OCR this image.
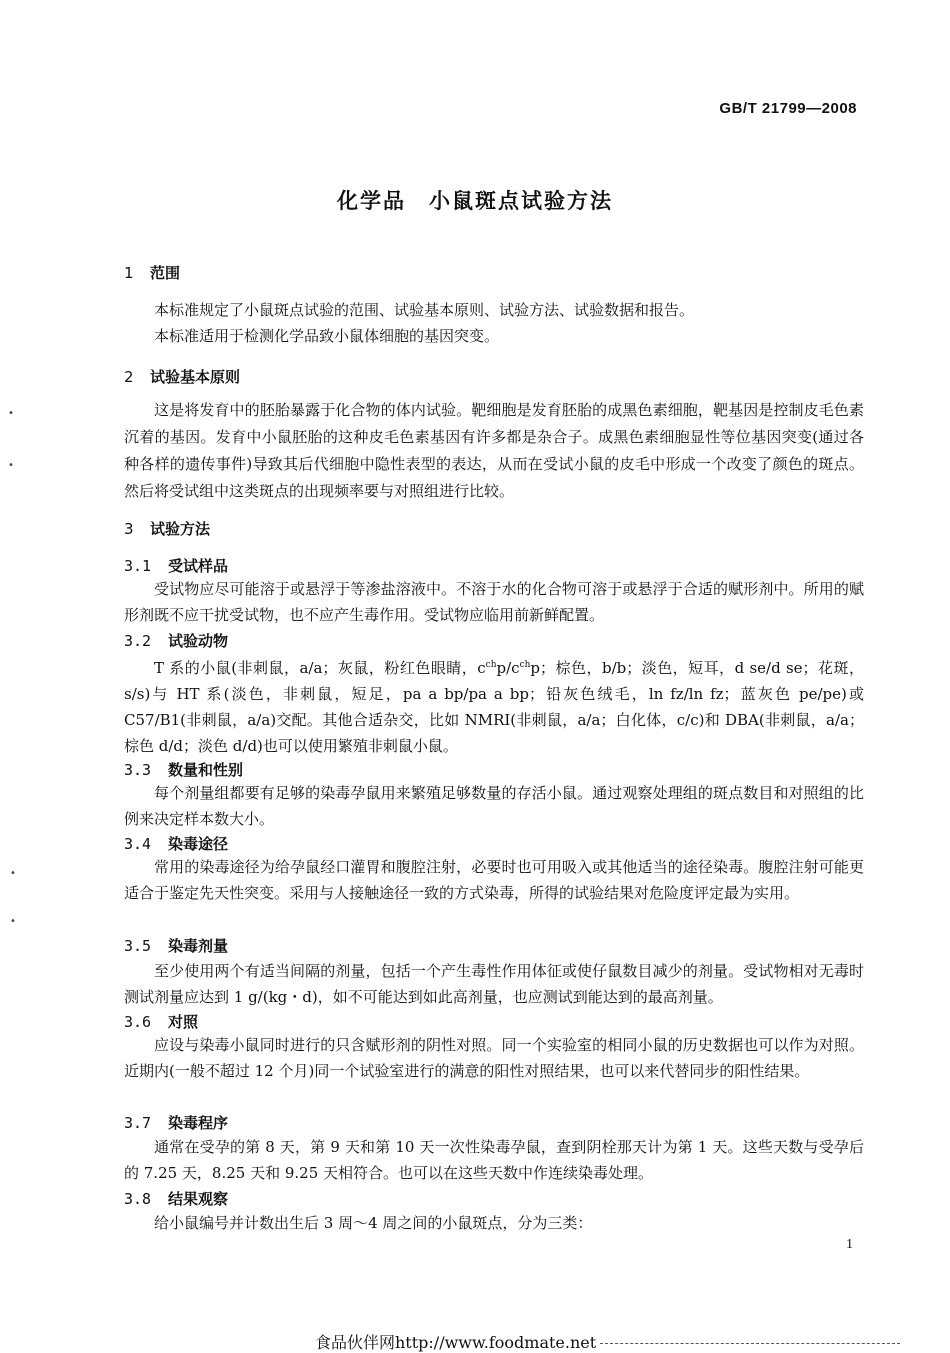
GB/T 21799—2008
化学品　小鼠斑点试验方法
1 范围
本标准规定了小鼠斑点试验的范围、试验基本原则、试验方法、试验数据和报告。
本标准适用于检测化学品致小鼠体细胞的基因突变。
2 试验基本原则
这是将发育中的胚胎暴露于化合物的体内试验。靶细胞是发育胚胎的成黑色素细胞，靶基因是控制皮毛色素沉着的基因。发育中小鼠胚胎的这种皮毛色素基因有许多都是杂合子。成黑色素细胞显性等位基因突变(通过各种各样的遗传事件)导致其后代细胞中隐性表型的表达，从而在受试小鼠的皮毛中形成一个改变了颜色的斑点。然后将受试组中这类斑点的出现频率要与对照组进行比较。
3 试验方法
3.1 受试样品
受试物应尽可能溶于或悬浮于等渗盐溶液中。不溶于水的化合物可溶于或悬浮于合适的赋形剂中。所用的赋形剂既不应干扰受试物，也不应产生毒作用。受试物应临用前新鲜配置。
3.2 试验动物
T 系的小鼠(非刺鼠，a/a；灰鼠，粉红色眼睛，$c^{ch}p/c^{ch}p$；棕色，b/b；淡色，短耳，d se/d se；花斑，s/s)与 HT 系(淡色，非刺鼠，短足，pa a bp/pa a bp；铅灰色绒毛，ln fz/ln fz；蓝灰色 pe/pe)或 C57/B1(非刺鼠，a/a)交配。其他合适杂交，比如 NMRI(非刺鼠，a/a；白化体，c/c)和 DBA(非刺鼠，a/a；棕色 d/d；淡色 d/d)也可以使用繁殖非刺鼠小鼠。
3.3 数量和性别
每个剂量组都要有足够的染毒孕鼠用来繁殖足够数量的存活小鼠。通过观察处理组的斑点数目和对照组的比例来决定样本数大小。
3.4 染毒途径
常用的染毒途径为给孕鼠经口灌胃和腹腔注射，必要时也可用吸入或其他适当的途径染毒。腹腔注射可能更适合于鉴定先天性突变。采用与人接触途径一致的方式染毒，所得的试验结果对危险度评定最为实用。
3.5 染毒剂量
至少使用两个有适当间隔的剂量，包括一个产生毒性作用体征或使仔鼠数目减少的剂量。受试物相对无毒时测试剂量应达到 1 g/(kg・d)，如不可能达到如此高剂量，也应测试到能达到的最高剂量。
3.6 对照
应设与染毒小鼠同时进行的只含赋形剂的阴性对照。同一个实验室的相同小鼠的历史数据也可以作为对照。近期内(一般不超过 12 个月)同一个试验室进行的满意的阳性对照结果，也可以来代替同步的阳性结果。
3.7 染毒程序
通常在受孕的第 8 天，第 9 天和第 10 天一次性染毒孕鼠，查到阴栓那天计为第 1 天。这些天数与受孕后的 7.25 天，8.25 天和 9.25 天相符合。也可以在这些天数中作连续染毒处理。
3.8 结果观察
给小鼠编号并计数出生后 3 周～4 周之间的小鼠斑点，分为三类：
1
食品伙伴网http://www.foodmate.net
•
•
•
•
